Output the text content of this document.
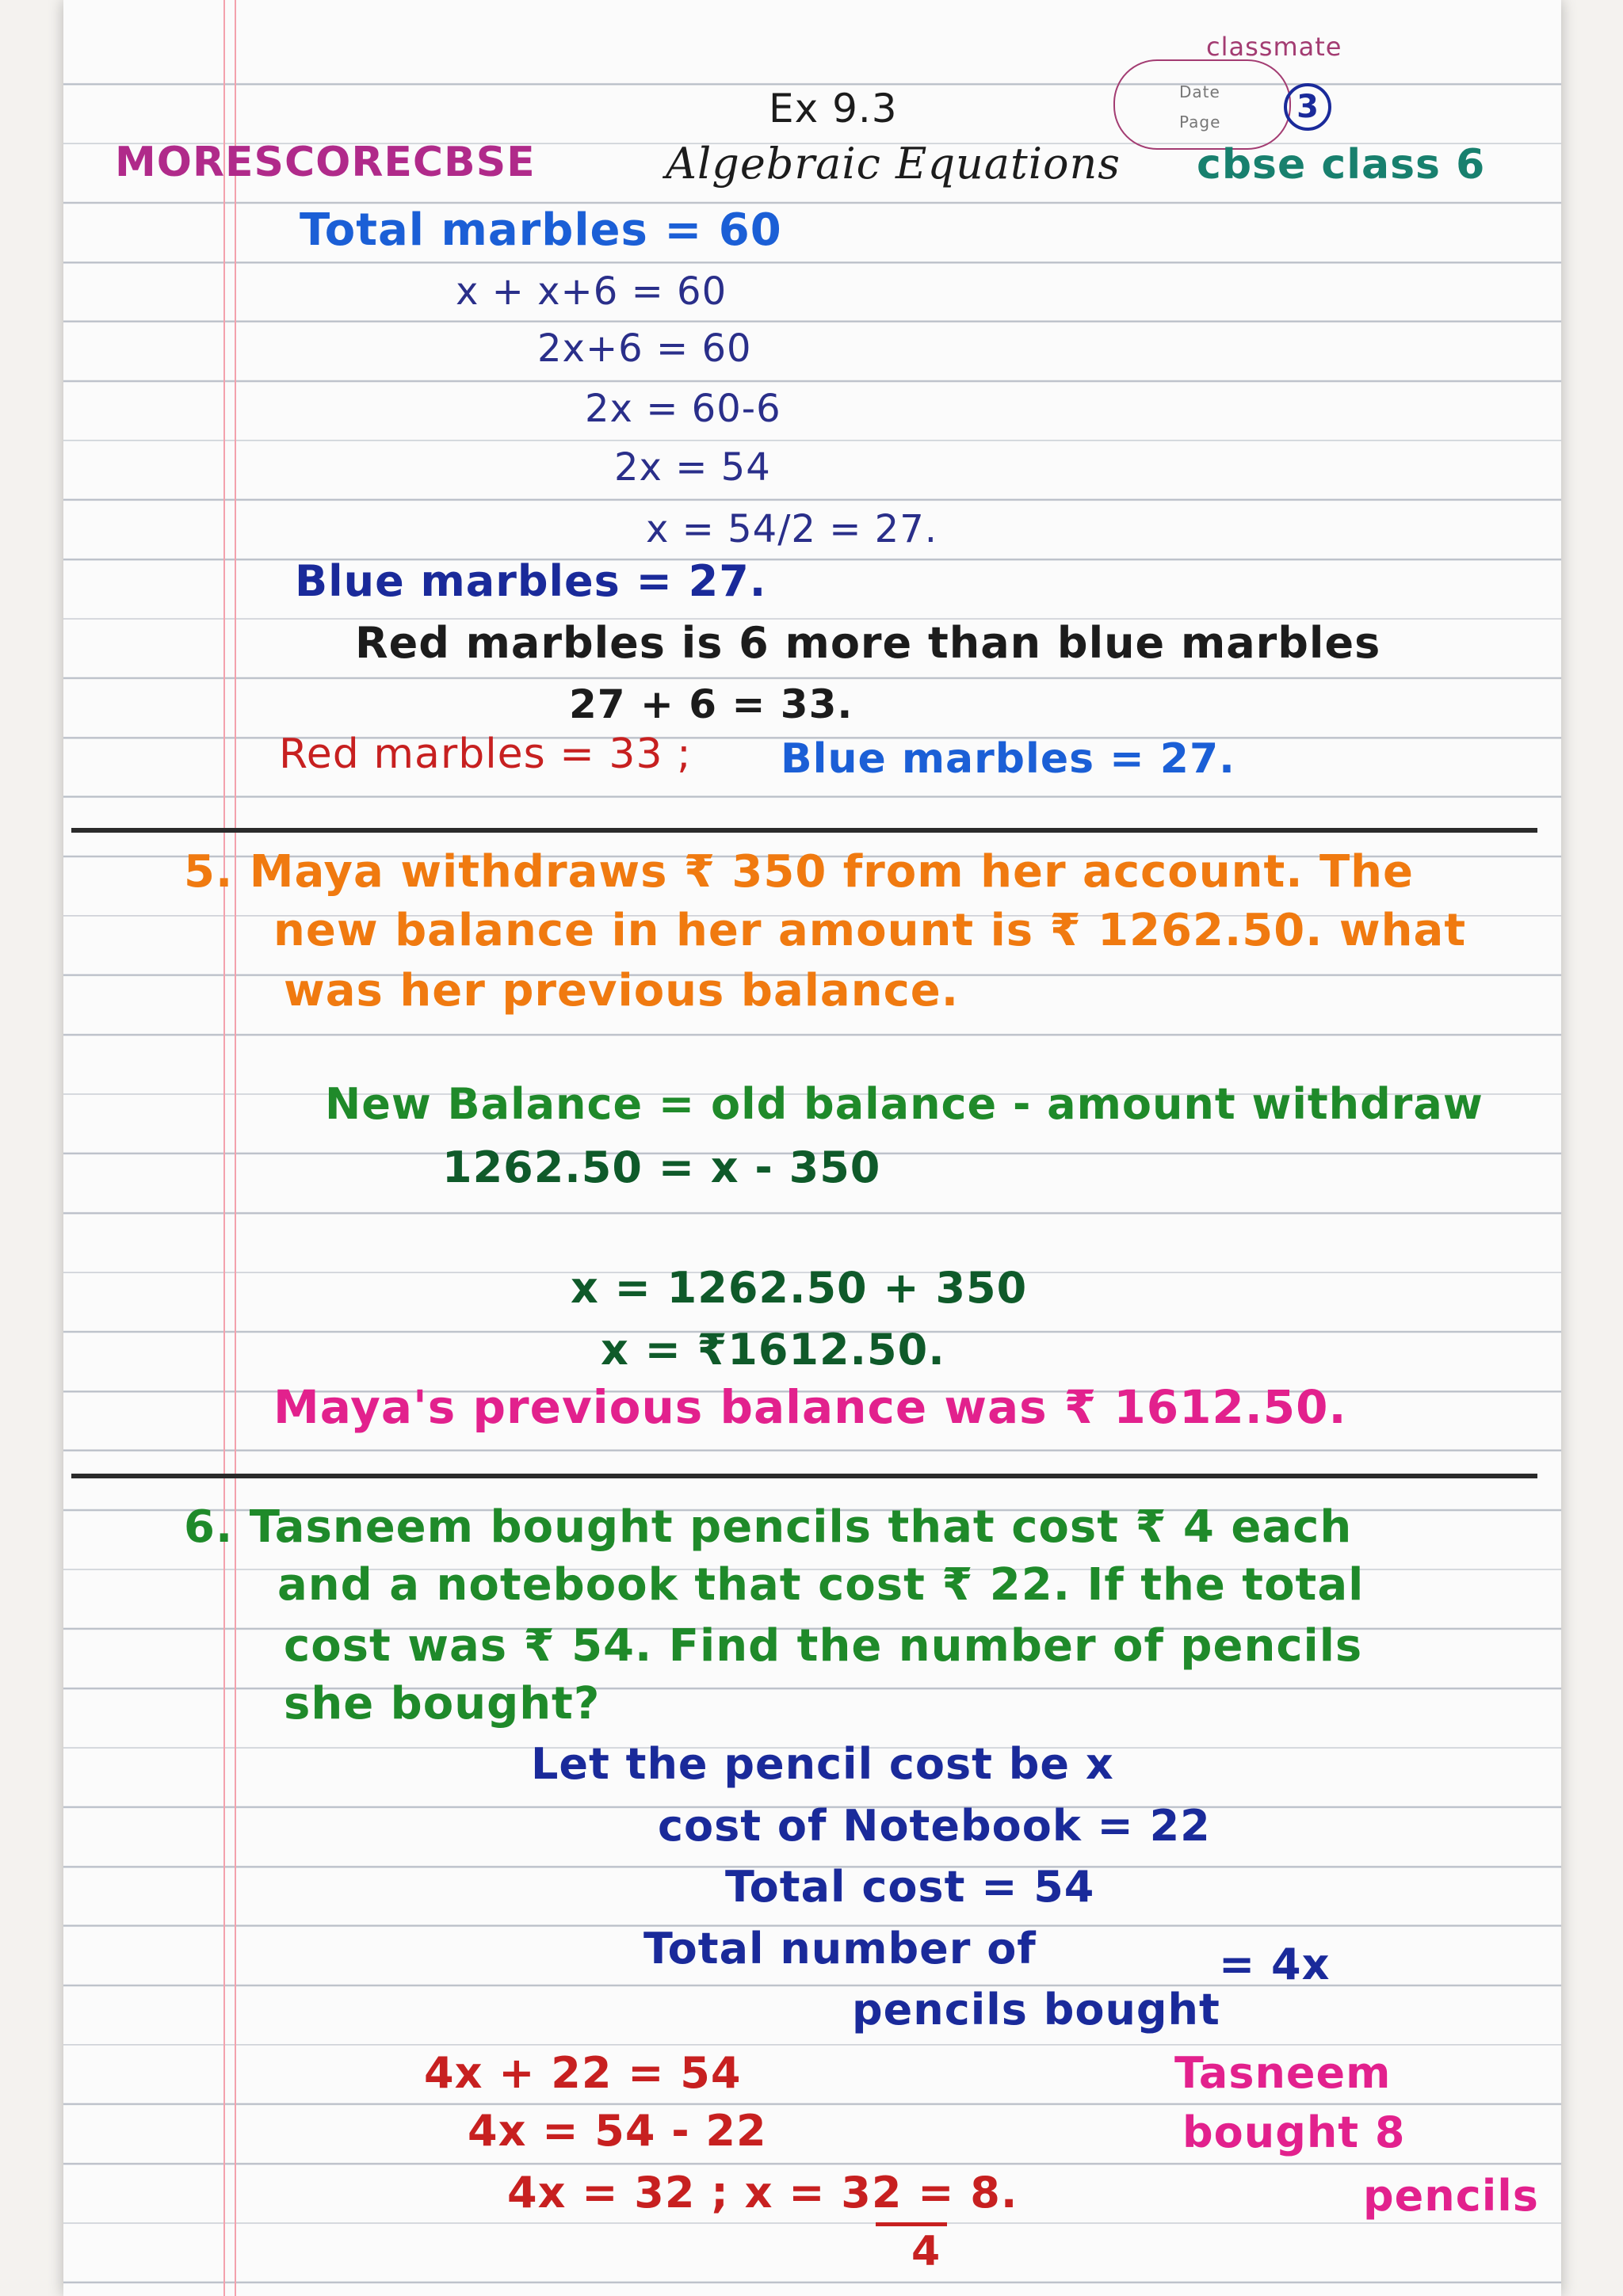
classmate
Date
Page	3
Ex 9.3
MORESCORECBSE	Algebraic Equations cbse class 6
Total marbles = 60
x + x+6 = 60
2x+6 = 60
2x = 60-6
2x = 54
x = 54/2 = 27.
Blue marbles = 27.
Red marbles is 6 more than blue marbles
27 + 6 = 33.
Red marbles = 33 ; Blue marbles = 27.
5. Maya withdraws ₹ 350 from her account. The
new balance in her amount is ₹ 1262.50. what
was her previous balance.
New Balance = old balance - amount withdraw
1262.50 = x - 350
x = 1262.50 + 350
x = ₹1612.50.
Maya's previous balance was ₹ 1612.50.
6. Tasneem bought pencils that cost ₹ 4 each
and a notebook that cost ₹ 22. If the total
cost was ₹ 54. Find the number of pencils
she bought?
Let the pencil cost be x
cost of Notebook = 22
Total cost = 54
Total number of
pencils bought
= 4x
4x + 22 = 54
4x = 54 - 22
4x = 32 ; x = 32 = 8.
4
Tasneem
bought 8
pencils
